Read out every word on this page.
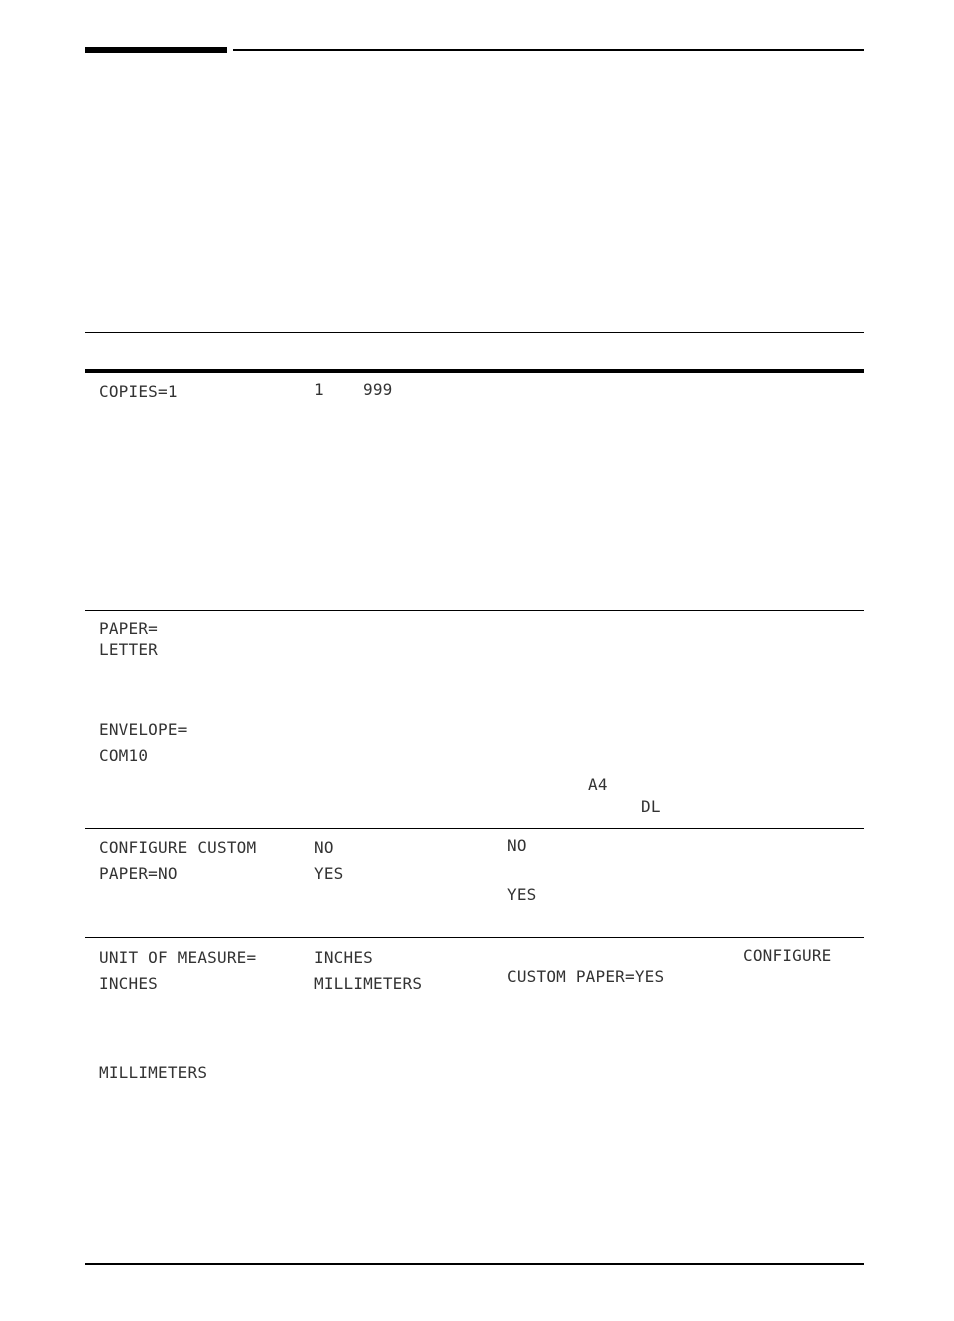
COPIES=1	1 999
PAPER=
LETTER
ENVELOPE=
COM10
A4
DL
CONFIGURE CUSTOM
PAPER=NO
NO
YES
NO
YES
UNIT OF MEASURE=
INCHES
INCHES
MILLIMETERS
CONFIGURE
CUSTOM PAPER=YES
MILLIMETERS
